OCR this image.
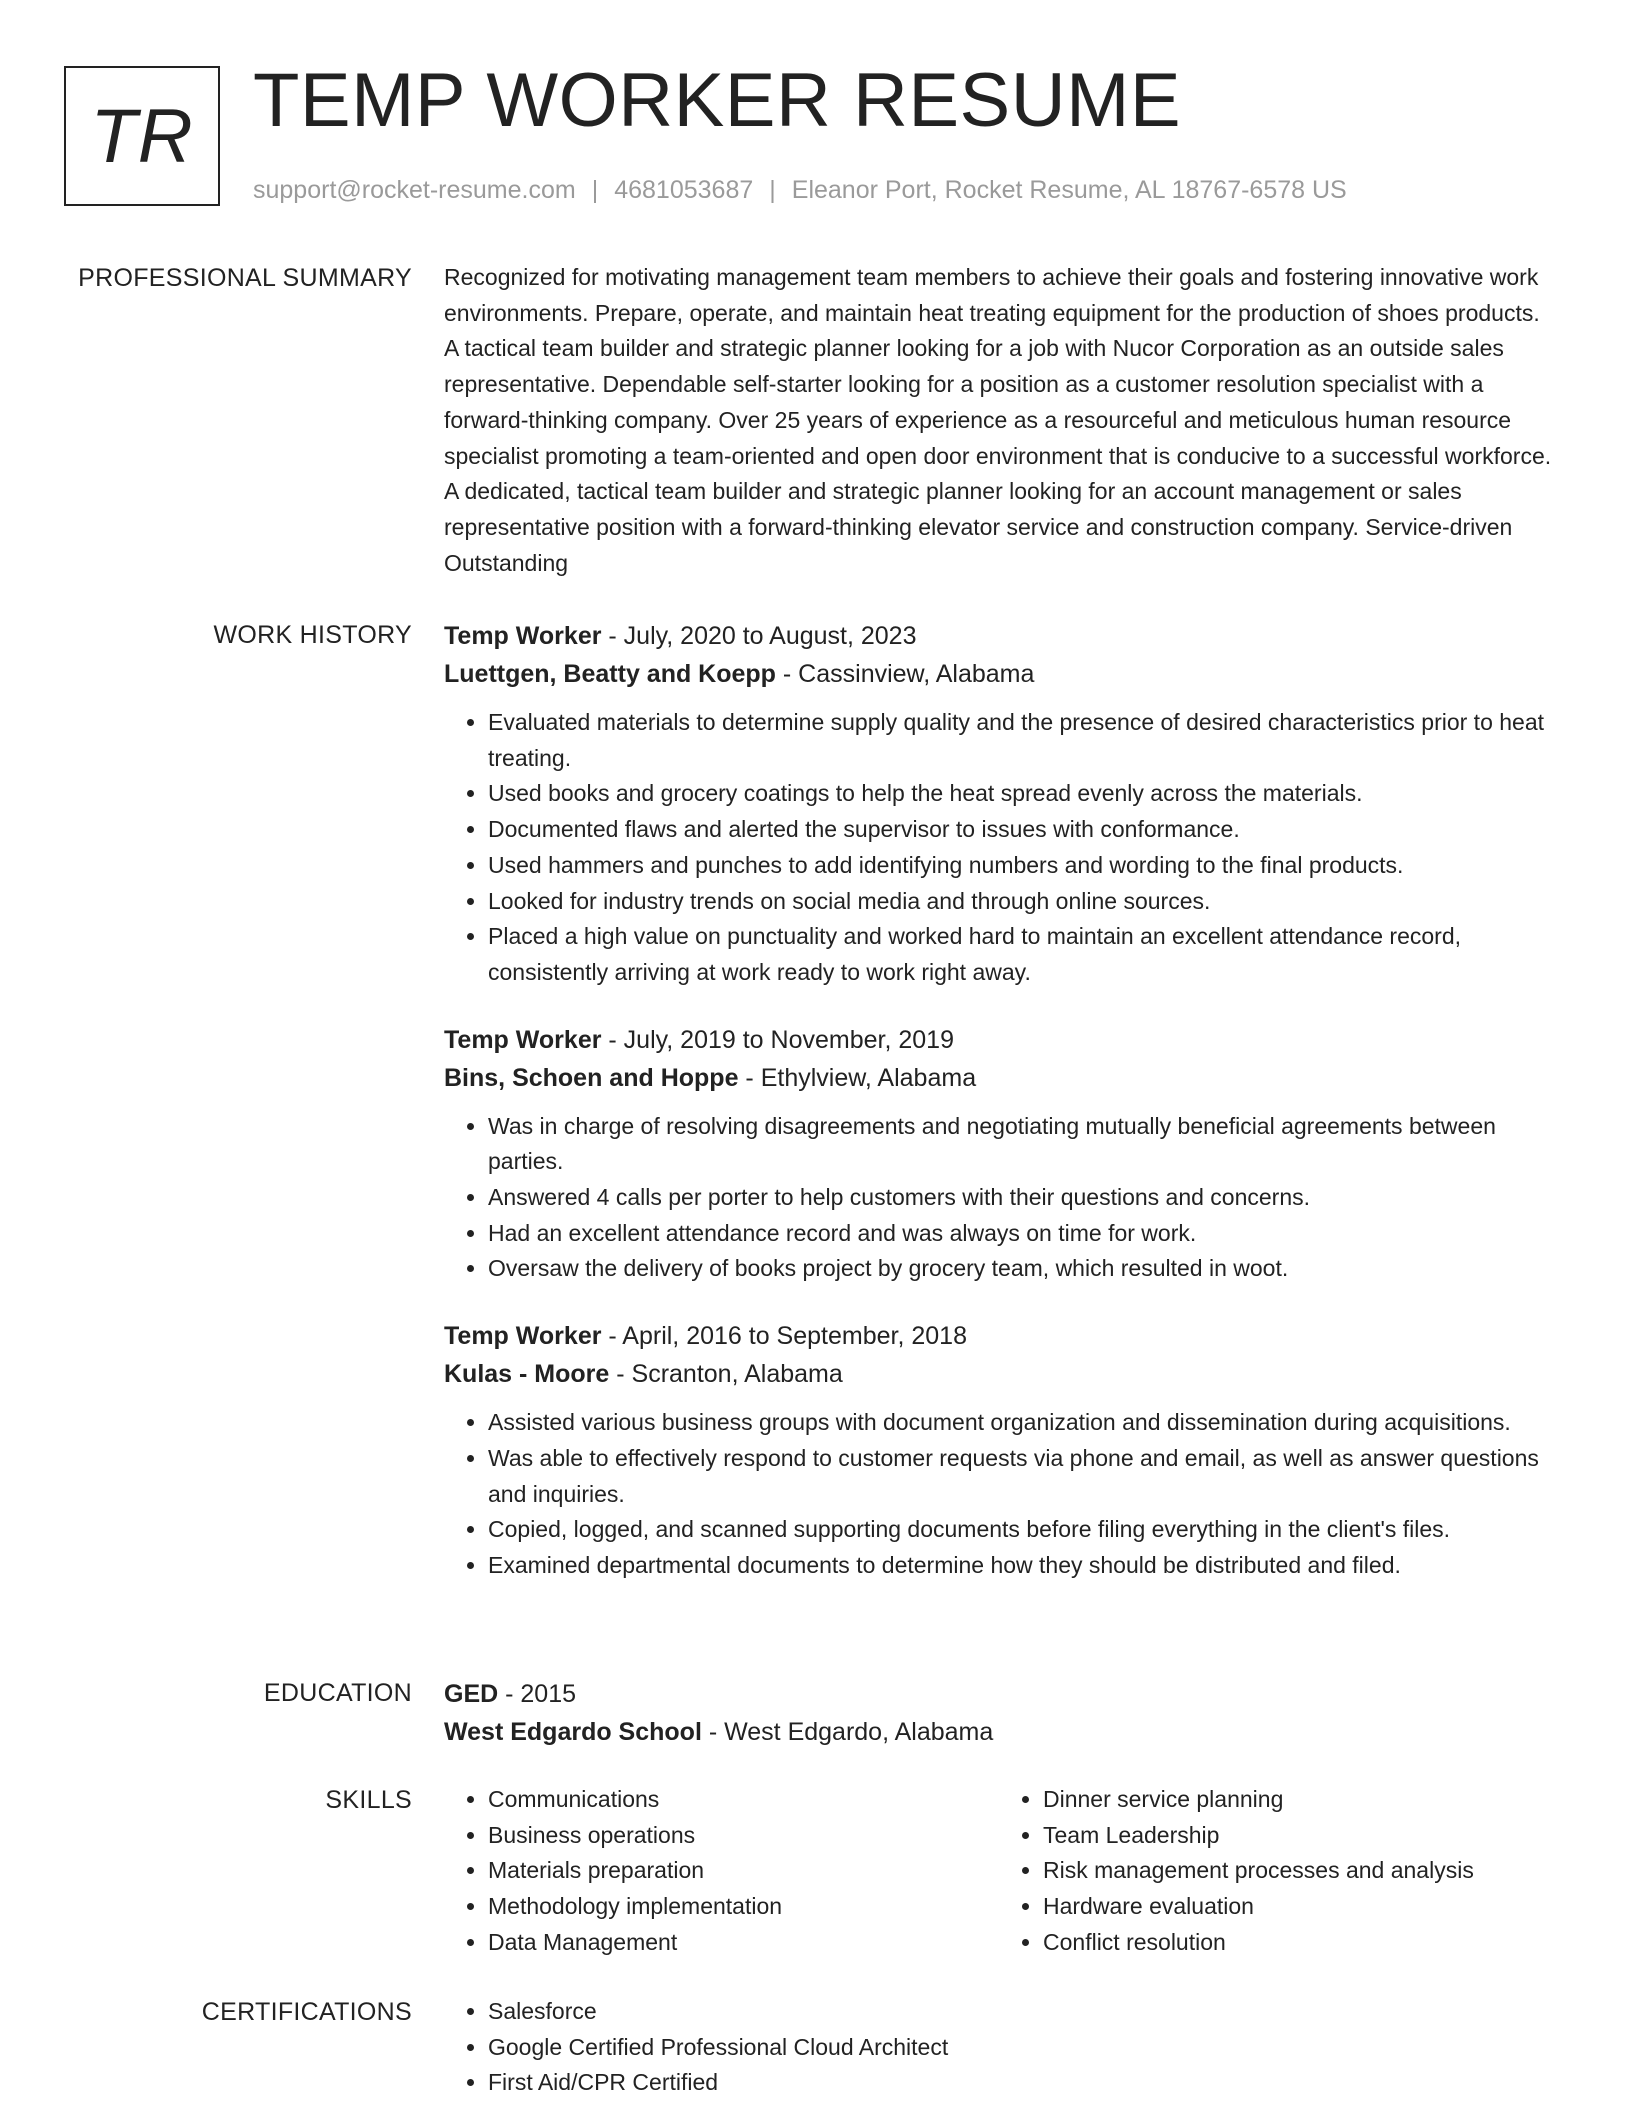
TR TEMP WORKER RESUME
support@rocket-resume.com | 4681053687 | Eleanor Port, Rocket Resume, AL 18767-6578 US
PROFESSIONAL SUMMARY Recognized for motivating management team members to achieve their goals and fostering innovative work environments. Prepare, operate, and maintain heat treating equipment for the production of shoes products. A tactical team builder and strategic planner looking for a job with Nucor Corporation as an outside sales representative. Dependable self-starter looking for a position as a customer resolution specialist with a forward-thinking company. Over 25 years of experience as a resourceful and meticulous human resource specialist promoting a team-oriented and open door environment that is conducive to a successful workforce. A dedicated, tactical team builder and strategic planner looking for an account management or sales representative position with a forward-thinking elevator service and construction company. Service-driven Outstanding

WORK HISTORY Temp Worker - July, 2020 to August, 2023

Luettgen, Beatty and Koepp - Cassinview, Alabama

• Evaluated materials to determine supply quality and the presence of desired characteristics prior to heat treating.
• Used books and grocery coatings to help the heat spread evenly across the materials.
• Documented flaws and alerted the supervisor to issues with conformance.
• Used hammers and punches to add identifying numbers and wording to the final products.
• Looked for industry trends on social media and through online sources.
• Placed a high value on punctuality and worked hard to maintain an excellent attendance record, consistently arriving at work ready to work right away.

Temp Worker - July, 2019 to November, 2019

Bins, Schoen and Hoppe - Ethylview, Alabama

• Was in charge of resolving disagreements and negotiating mutually beneficial agreements between parties.
• Answered 4 calls per porter to help customers with their questions and concerns.
• Had an excellent attendance record and was always on time for work.
• Oversaw the delivery of books project by grocery team, which resulted in woot.

Temp Worker - April, 2016 to September, 2018

Kulas - Moore - Scranton, Alabama

• Assisted various business groups with document organization and dissemination during acquisitions.
• Was able to effectively respond to customer requests via phone and email, as well as answer questions and inquiries.
• Copied, logged, and scanned supporting documents before filing everything in the client's files.
• Examined departmental documents to determine how they should be distributed and filed.
EDUCATION GED - 2015

West Edgardo School - West Edgardo, Alabama

SKILLS	• Communications
• Business operations
• Materials preparation
• Methodology implementation
• Data Management
• Dinner service planning
• Team Leadership
• Risk management processes and analysis
• Hardware evaluation
• Conflict resolution
CERTIFICATIONS	• Salesforce
• Google Certified Professional Cloud Architect
• First Aid/CPR Certified
